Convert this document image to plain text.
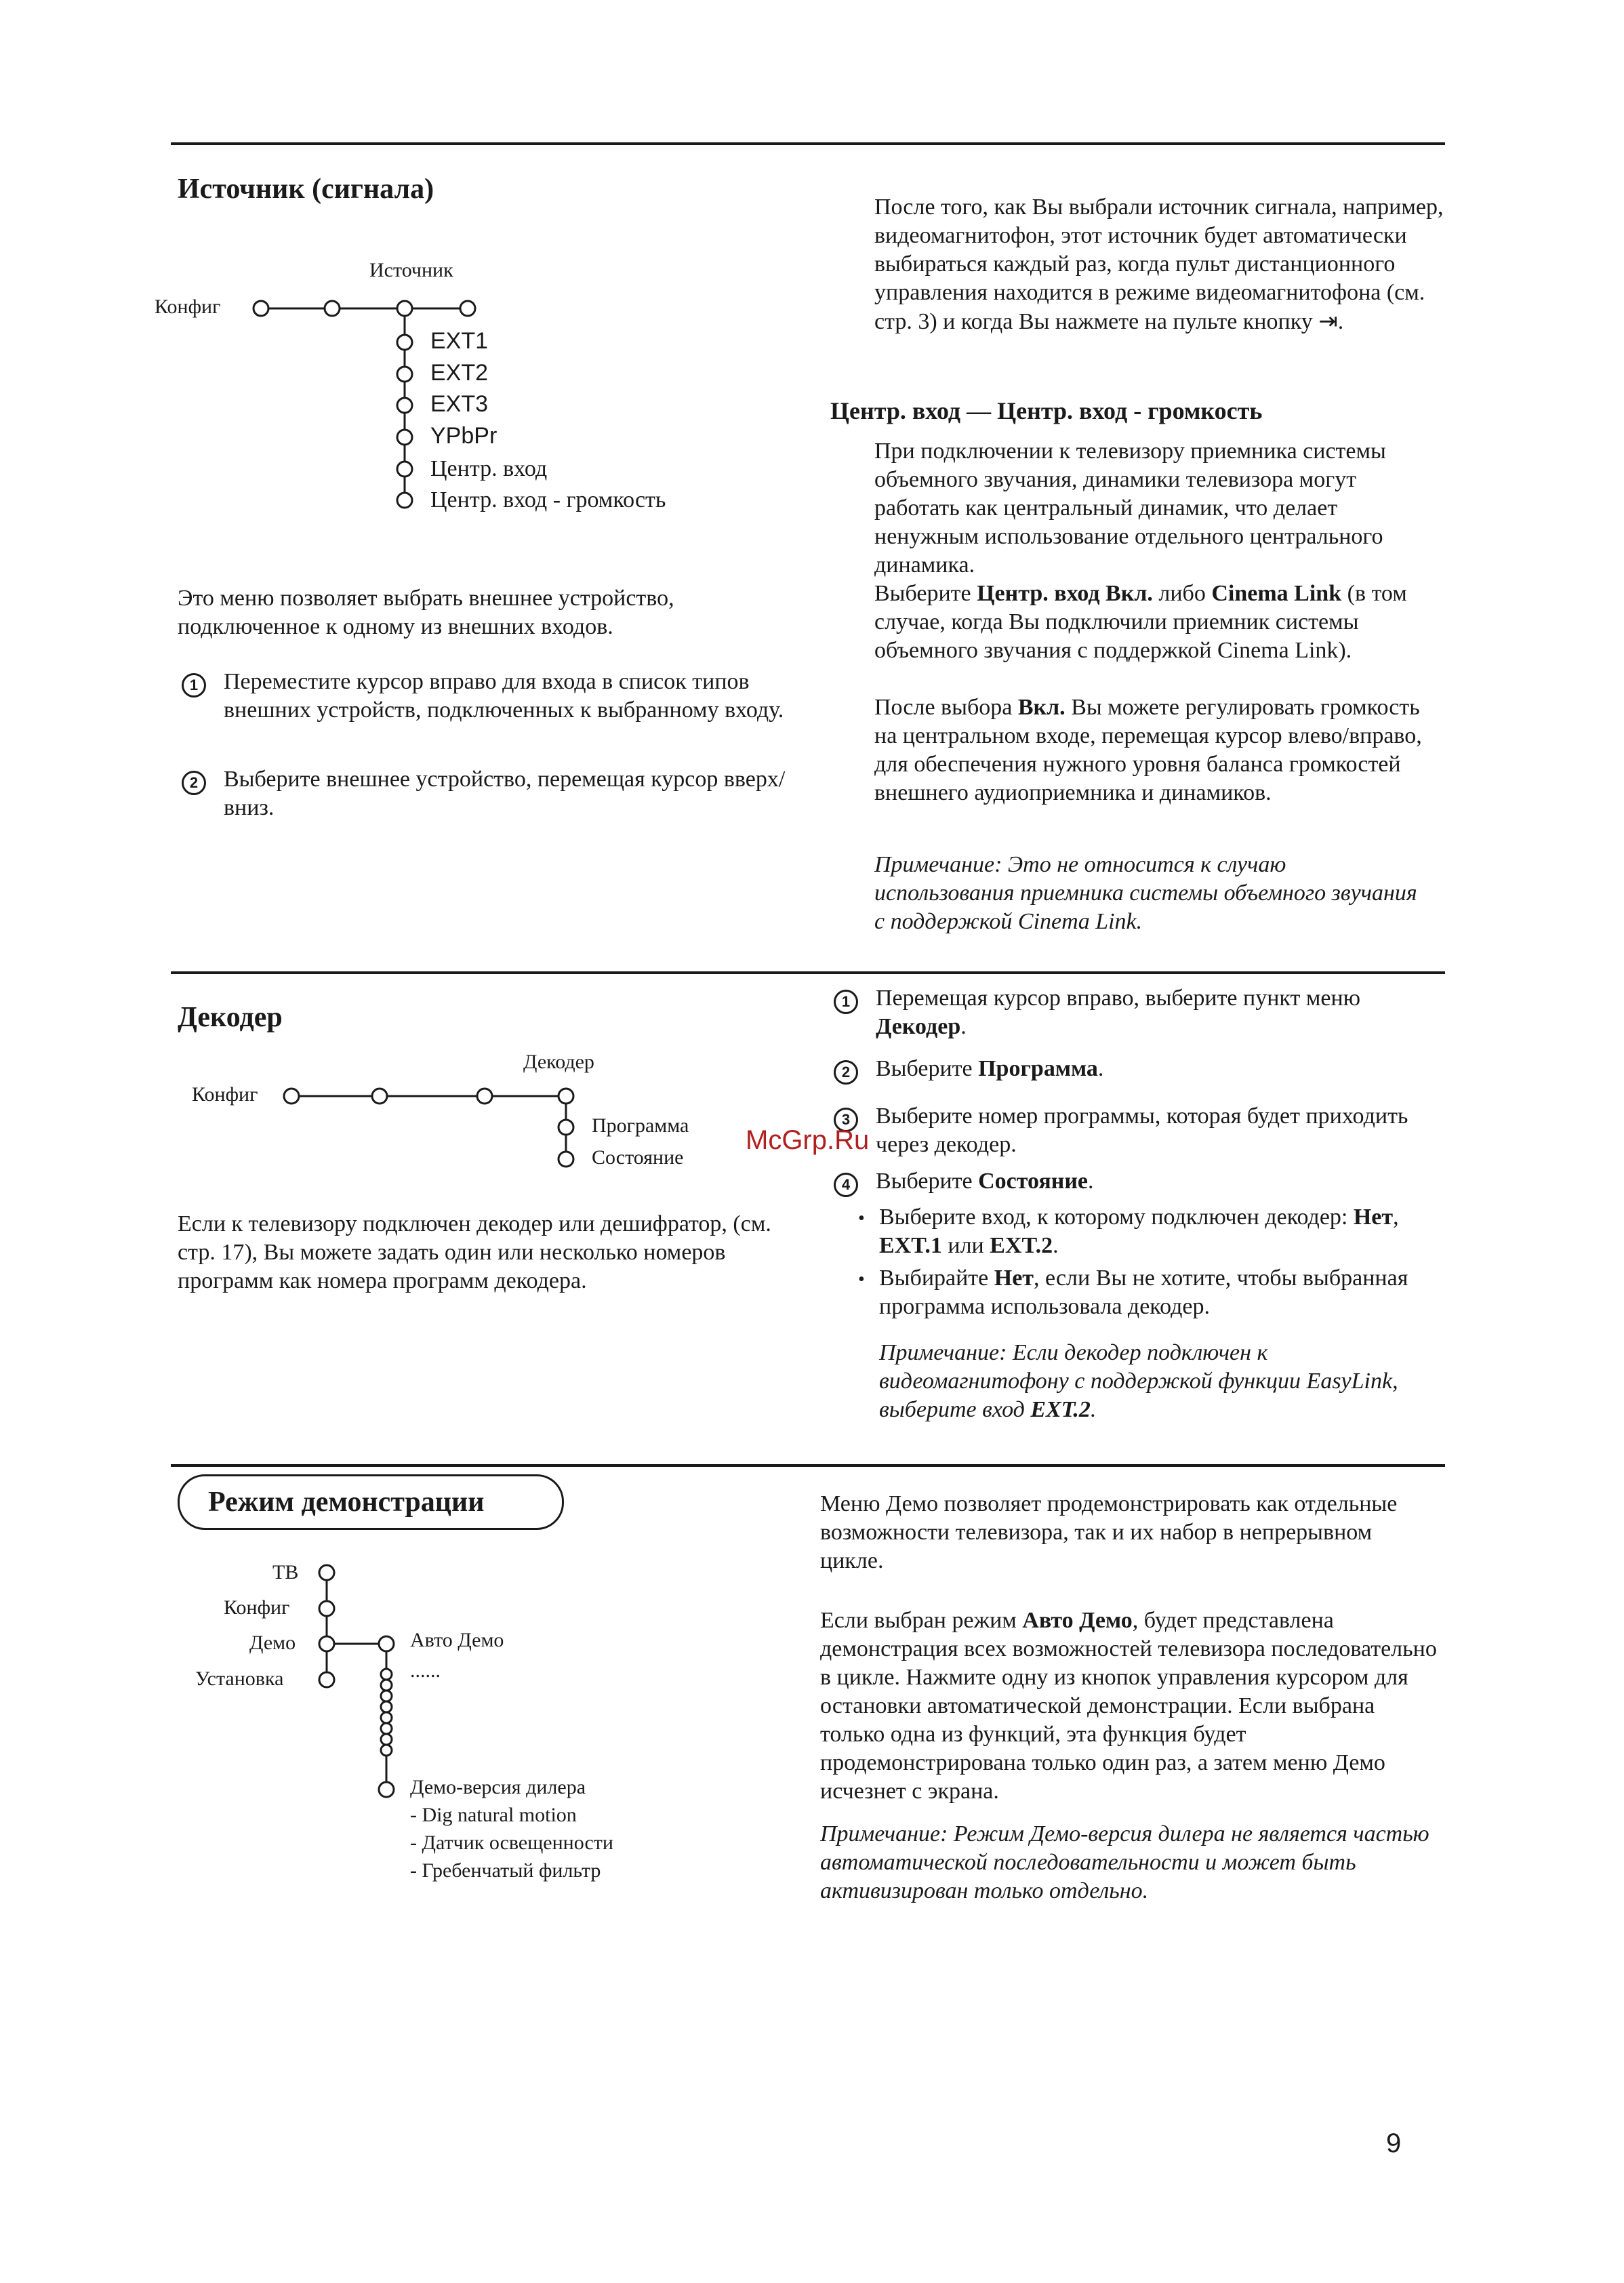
Источник (сигнала)
Конфиг
Источник
EXT1
EXT2
EXT3
YPbPr
Центр. вход
Центр. вход - громкость

Это меню позволяет выбрать внешнее устройство, подключенное к одному из внешних входов.

1	Переместите курсор вправо для входа в список типов внешних устройств, подключенных к выбранному входу.

2	Выберите внешнее устройство, перемещая курсор вверх/вниз.

После того, как Вы выбрали источник сигнала, например, видеомагнитофон, этот источник будет автоматически выбираться каждый раз, когда пульт дистанционного управления находится в режиме видеомагнитофона (см. стр. 3) и когда Вы нажмете на пульте кнопку ⇥.

Центр. вход — Центр. вход - громкость

При подключении к телевизору приемника системы объемного звучания, динамики телевизора могут работать как центральный динамик, что делает ненужным использование отдельного центрального динамика.

Выберите Центр. вход Вкл. либо Cinema Link (в том случае, когда Вы подключили приемник системы объемного звучания с поддержкой Cinema Link).

После выбора Вкл. Вы можете регулировать громкость на центральном входе, перемещая курсор влево/вправо, для обеспечения нужного уровня баланса громкостей внешнего аудиоприемника и динамиков.

Примечание: Это не относится к случаю использования приемника системы объемного звучания с поддержкой Cinema Link.

Декодер
Конфиг
Декодер
Программа
Состояние

Если к телевизору подключен декодер или дешифратор, (см. стр. 17), Вы можете задать один или несколько номеров программ как номера программ декодера.

1	Перемещая курсор вправо, выберите пункт меню Декодер.

2	Выберите Программа.

3	Выберите номер программы, которая будет приходить через декодер.

4	Выберите Состояние.

• Выберите вход, к которому подключен декодер: Нет, EXT.1 или EXT.2.

• Выбирайте Нет, если Вы не хотите, чтобы выбранная программа использовала декодер.

Примечание: Если декодер подключен к видеомагнитофону с поддержкой функции EasyLink, выберите вход EXT.2.

McGrp.Ru
Режим демонстрации
ТВ
Конфиг
Демо
Установка
Авто Демо
......
Демо-версия дилера
- Dig natural motion
- Датчик освещенности
- Гребенчатый фильтр

Меню Демо позволяет продемонстрировать как отдельные возможности телевизора, так и их набор в непрерывном цикле.

Если выбран режим Авто Демо, будет представлена демонстрация всех возможностей телевизора последовательно в цикле. Нажмите одну из кнопок управления курсором для остановки автоматической демонстрации. Если выбрана только одна из функций, эта функция будет продемонстрирована только один раз, а затем меню Демо исчезнет с экрана.

Примечание: Режим Демо-версия дилера не является частью автоматической последовательности и может быть активизирован только отдельно.

9
